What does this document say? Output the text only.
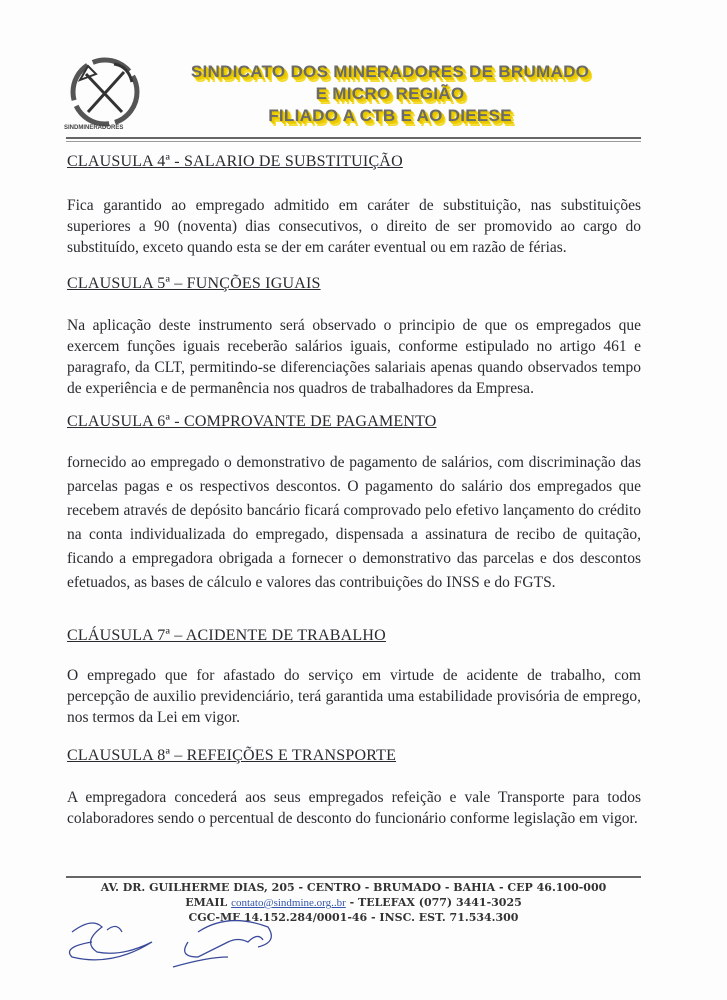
SINDMINERADORES
SINDICATO DOS MINERADORES DE BRUMADO
E MICRO REGIÃO
FILIADO A CTB E AO DIEESE
CLAUSULA 4ª - SALARIO DE SUBSTITUIÇÃO
Fica garantido ao empregado admitido em caráter de substituição, nas substituições superiores a 90 (noventa) dias consecutivos, o direito de ser promovido ao cargo do substituído, exceto quando esta se der em caráter eventual ou em razão de férias.
CLAUSULA 5ª – FUNÇÕES IGUAIS
Na aplicação deste instrumento será observado o principio de que os empregados que exercem funções iguais receberão salários iguais, conforme estipulado no artigo 461 e paragrafo, da CLT, permitindo-se diferenciações salariais apenas quando observados tempo de experiência e de permanência nos quadros de trabalhadores da Empresa.
CLAUSULA 6ª - COMPROVANTE DE PAGAMENTO
fornecido ao empregado o demonstrativo de pagamento de salários, com discriminação das parcelas pagas e os respectivos descontos. O pagamento do salário dos empregados que recebem através de depósito bancário ficará comprovado pelo efetivo lançamento do crédito na conta individualizada do empregado, dispensada a assinatura de recibo de quitação, ficando a empregadora obrigada a fornecer o demonstrativo das parcelas e dos descontos efetuados, as bases de cálculo e valores das contribuições do INSS e do FGTS.
CLÁUSULA 7ª – ACIDENTE DE TRABALHO
O empregado que for afastado do serviço em virtude de acidente de trabalho, com percepção de auxilio previdenciário, terá garantida uma estabilidade provisória de emprego, nos termos da Lei em vigor.
CLAUSULA 8ª – REFEIÇÕES E TRANSPORTE
A empregadora concederá aos seus empregados refeição e vale Transporte para todos colaboradores sendo o percentual de desconto do funcionário conforme legislação em vigor.
AV. DR. GUILHERME DIAS, 205 - CENTRO - BRUMADO - BAHIA - CEP 46.100-000
EMAIL contato@sindmine.org..br - TELEFAX (077) 3441-3025
CGC-MF 14.152.284/0001-46 - INSC. EST. 71.534.300
